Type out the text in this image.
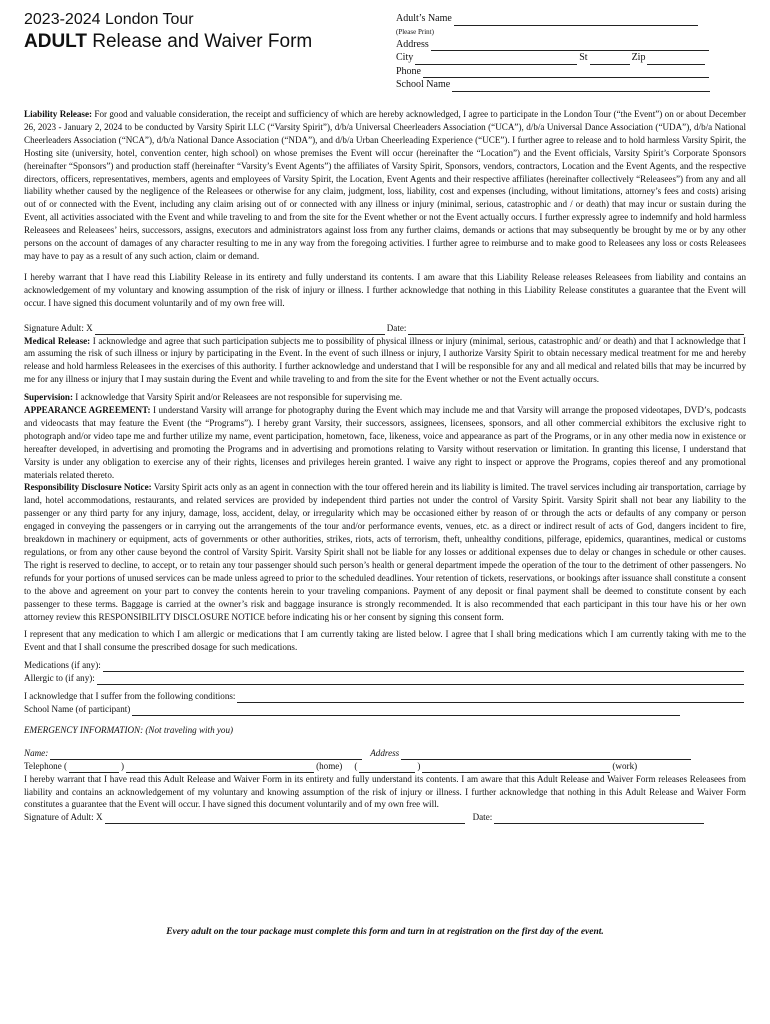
2023-2024 London Tour
ADULT Release and Waiver Form
Adult’s Name
(Please Print)
Address
City	St	Zip
Phone
School Name

Liability Release: For good and valuable consideration, the receipt and sufficiency of which are hereby acknowledged, I agree to participate in the London Tour (“the Event”) on or about December 26, 2023 - January 2, 2024 to be conducted by Varsity Spirit LLC (“Varsity Spirit”), d/b/a Universal Cheerleaders Association (“UCA”), d/b/a Universal Dance Association (“UDA”), d/b/a National Cheerleaders Association (“NCA”), d/b/a National Dance Association (“NDA”), and d/b/a Urban Cheerleading Experience (“UCE”). I further agree to release and to hold harmless Varsity Spirit, the Hosting site (university, hotel, convention center, high school) on whose premises the Event will occur (hereinafter the “Location”) and the Event officials, Varsity Spirit’s Corporate Sponsors (hereinafter “Sponsors”) and production staff (hereinafter “Varsity’s Event Agents”) the affiliates of Varsity Spirit, Sponsors, vendors, contractors, Location and the Event Agents, and the respective directors, officers, representatives, members, agents and employees of Varsity Spirit, the Location, Event Agents and their respective affiliates (hereinafter collectively “Releasees”) from any and all liability whether caused by the negligence of the Releasees or otherwise for any claim, judgment, loss, liability, cost and expenses (including, without limitations, attorney’s fees and costs) arising out of or connected with the Event, including any claim arising out of or connected with any illness or injury (minimal, serious, catastrophic and / or death) that may incur or sustain during the Event, all activities associated with the Event and while traveling to and from the site for the Event whether or not the Event actually occurs. I further expressly agree to indemnify and hold harmless Releasees and Releasees’ heirs, successors, assigns, executors and administrators against loss from any further claims, demands or actions that may subsequently be brought by me or by any other persons on the account of damages of any character resulting to me in any way from the foregoing activities. I further agree to reimburse and to make good to Releasees any loss or costs Releasees may have to pay as a result of any such action, claim or demand.

I hereby warrant that I have read this Liability Release in its entirety and fully understand its contents. I am aware that this Liability Release releases Releasees from liability and contains an acknowledgement of my voluntary and knowing assumption of the risk of injury or illness. I further acknowledge that nothing in this Liability Release constitutes a guarantee that the Event will occur. I have signed this document voluntarily and of my own free will.

Signature Adult: X	Date:

Medical Release: I acknowledge and agree that such participation subjects me to possibility of physical illness or injury (minimal, serious, catastrophic and/ or death) and that I acknowledge that I am assuming the risk of such illness or injury by participating in the Event. In the event of such illness or injury, I authorize Varsity Spirit to obtain necessary medical treatment for me and hereby release and hold harmless Releasees in the exercises of this authority. I further acknowledge and understand that I will be responsible for any and all medical and related bills that may be incurred by me for any illness or injury that I may sustain during the Event and while traveling to and from the site for the Event whether or not the Event actually occurs.

Supervision: I acknowledge that Varsity Spirit and/or Releasees are not responsible for supervising me.

APPEARANCE AGREEMENT: I understand Varsity will arrange for photography during the Event which may include me and that Varsity will arrange the proposed videotapes, DVD’s, podcasts and videocasts that may feature the Event (the “Programs”). I hereby grant Varsity, their successors, assignees, licensees, sponsors, and all other commercial exhibitors the exclusive right to photograph and/or video tape me and further utilize my name, event participation, hometown, face, likeness, voice and appearance as part of the Programs, or in any other media now in existence or hereafter developed, in advertising and promoting the Programs and in advertising and promotions relating to Varsity without reservation or limitation. In granting this license, I understand that Varsity is under any obligation to exercise any of their rights, licenses and privileges herein granted. I waive any right to inspect or approve the Programs, copies thereof and any promotional materials related thereto.

Responsibility Disclosure Notice: Varsity Spirit acts only as an agent in connection with the tour offered herein and its liability is limited. The travel services including air transportation, carriage by land, hotel accommodations, restaurants, and related services are provided by independent third parties not under the control of Varsity Spirit. Varsity Spirit shall not bear any liability to the passenger or any third party for any injury, damage, loss, accident, delay, or irregularity which may be occasioned either by reason of or through the acts or defaults of any company or person engaged in conveying the passengers or in carrying out the arrangements of the tour and/or performance events, venues, etc. as a direct or indirect result of acts of God, dangers incident to fire, breakdown in machinery or equipment, acts of governments or other authorities, strikes, riots, acts of terrorism, theft, unhealthy conditions, pilferage, epidemics, quarantines, medical or customs regulations, or from any other cause beyond the control of Varsity Spirit. Varsity Spirit shall not be liable for any losses or additional expenses due to delay or changes in schedule or other causes. The right is reserved to decline, to accept, or to retain any tour passenger should such person’s health or general department impede the operation of the tour to the detriment of other passengers. No refunds for your portions of unused services can be made unless agreed to prior to the scheduled deadlines. Your retention of tickets, reservations, or bookings after issuance shall constitute a consent to the above and agreement on your part to convey the contents herein to your traveling companions. Payment of any deposit or final payment shall be deemed to constitute consent by each passenger to these terms. Baggage is carried at the owner’s risk and baggage insurance is strongly recommended. It is also recommended that each participant in this tour have his or her own attorney review this RESPONSIBILITY DISCLOSURE NOTICE before indicating his or her consent by signing this consent form.

I represent that any medication to which I am allergic or medications that I am currently taking are listed below. I agree that I shall bring medications which I am currently taking with me to the Event and that I shall consume the prescribed dosage for such medications.

Medications (if any):
Allergic to (if any):
I acknowledge that I suffer from the following conditions:
School Name (of participant)

EMERGENCY INFORMATION: (Not traveling with you)

Name:	Address
Telephone (	)	(home) (	)	(work)

I hereby warrant that I have read this Adult Release and Waiver Form in its entirety and fully understand its contents. I am aware that this Adult Release and Waiver Form releases Releasees from liability and contains an acknowledgement of my voluntary and knowing assumption of the risk of injury or illness. I further acknowledge that nothing in this Adult Release and Waiver Form constitutes a guarantee that the Event will occur. I have signed this document voluntarily and of my own free will.

Signature of Adult: X	Date:
Every adult on the tour package must complete this form and turn in at registration on the first day of the event.
